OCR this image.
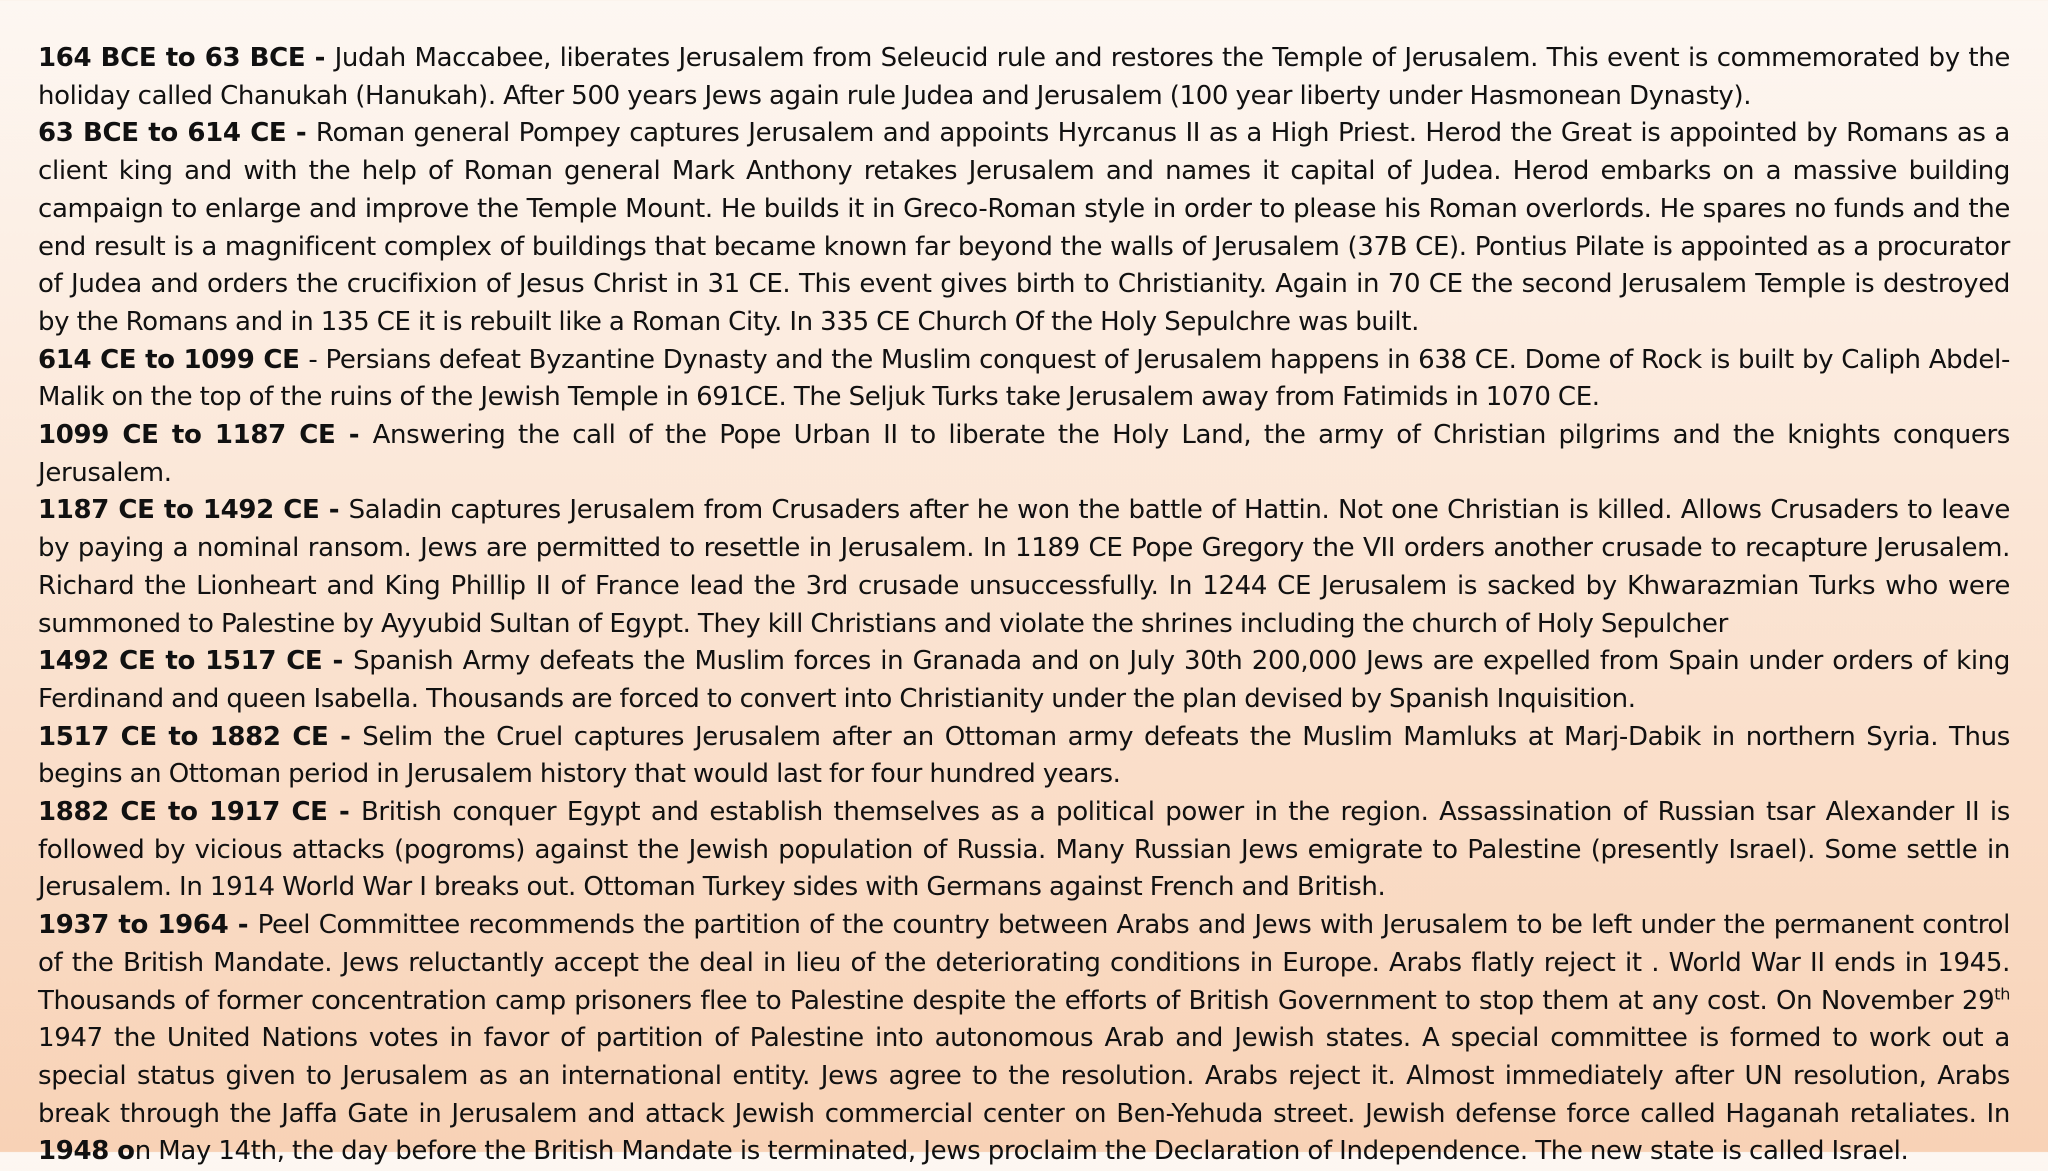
164 BCE to 63 BCE - Judah Maccabee, liberates Jerusalem from Seleucid rule and restores the Temple of Jerusalem. This event is commemorated by the holiday called Chanukah (Hanukah). After 500 years Jews again rule Judea and Jerusalem (100 year liberty under Hasmonean Dynasty).

63 BCE to 614 CE - Roman general Pompey captures Jerusalem and appoints Hyrcanus II as a High Priest. Herod the Great is appointed by Romans as a client king and with the help of Roman general Mark Anthony retakes Jerusalem and names it capital of Judea. Herod embarks on a massive building campaign to enlarge and improve the Temple Mount. He builds it in Greco-Roman style in order to please his Roman overlords. He spares no funds and the end result is a magnificent complex of buildings that became known far beyond the walls of Jerusalem (37B CE). Pontius Pilate is appointed as a procurator of Judea and orders the crucifixion of Jesus Christ in 31 CE. This event gives birth to Christianity. Again in 70 CE the second Jerusalem Temple is destroyed by the Romans and in 135 CE it is rebuilt like a Roman City. In 335 CE Church Of the Holy Sepulchre was built.

614 CE to 1099 CE - Persians defeat Byzantine Dynasty and the Muslim conquest of Jerusalem happens in 638 CE. Dome of Rock is built by Caliph Abdel-Malik on the top of the ruins of the Jewish Temple in 691CE. The Seljuk Turks take Jerusalem away from Fatimids in 1070 CE.

1099 CE to 1187 CE - Answering the call of the Pope Urban II to liberate the Holy Land, the army of Christian pilgrims and the knights conquers Jerusalem.

1187 CE to 1492 CE - Saladin captures Jerusalem from Crusaders after he won the battle of Hattin. Not one Christian is killed. Allows Crusaders to leave by paying a nominal ransom. Jews are permitted to resettle in Jerusalem. In 1189 CE Pope Gregory the VII orders another crusade to recapture Jerusalem. Richard the Lionheart and King Phillip II of France lead the 3rd crusade unsuccessfully. In 1244 CE Jerusalem is sacked by Khwarazmian Turks who were summoned to Palestine by Ayyubid Sultan of Egypt. They kill Christians and violate the shrines including the church of Holy Sepulcher

1492 CE to 1517 CE - Spanish Army defeats the Muslim forces in Granada and on July 30th 200,000 Jews are expelled from Spain under orders of king Ferdinand and queen Isabella. Thousands are forced to convert into Christianity under the plan devised by Spanish Inquisition.

1517 CE to 1882 CE - Selim the Cruel captures Jerusalem after an Ottoman army defeats the Muslim Mamluks at Marj-Dabik in northern Syria. Thus begins an Ottoman period in Jerusalem history that would last for four hundred years.

1882 CE to 1917 CE - British conquer Egypt and establish themselves as a political power in the region. Assassination of Russian tsar Alexander II is followed by vicious attacks (pogroms) against the Jewish population of Russia. Many Russian Jews emigrate to Palestine (presently Israel). Some settle in Jerusalem. In 1914 World War I breaks out. Ottoman Turkey sides with Germans against French and British.

1937 to 1964 - Peel Committee recommends the partition of the country between Arabs and Jews with Jerusalem to be left under the permanent control of the British Mandate. Jews reluctantly accept the deal in lieu of the deteriorating conditions in Europe. Arabs flatly reject it . World War II ends in 1945. Thousands of former concentration camp prisoners flee to Palestine despite the efforts of British Government to stop them at any cost. On November 29th 1947 the United Nations votes in favor of partition of Palestine into autonomous Arab and Jewish states. A special committee is formed to work out a special status given to Jerusalem as an international entity. Jews agree to the resolution. Arabs reject it. Almost immediately after UN resolution, Arabs break through the Jaffa Gate in Jerusalem and attack Jewish commercial center on Ben-Yehuda street. Jewish defense force called Haganah retaliates. In 1948 on May 14th, the day before the British Mandate is terminated, Jews proclaim the Declaration of Independence. The new state is called Israel.
